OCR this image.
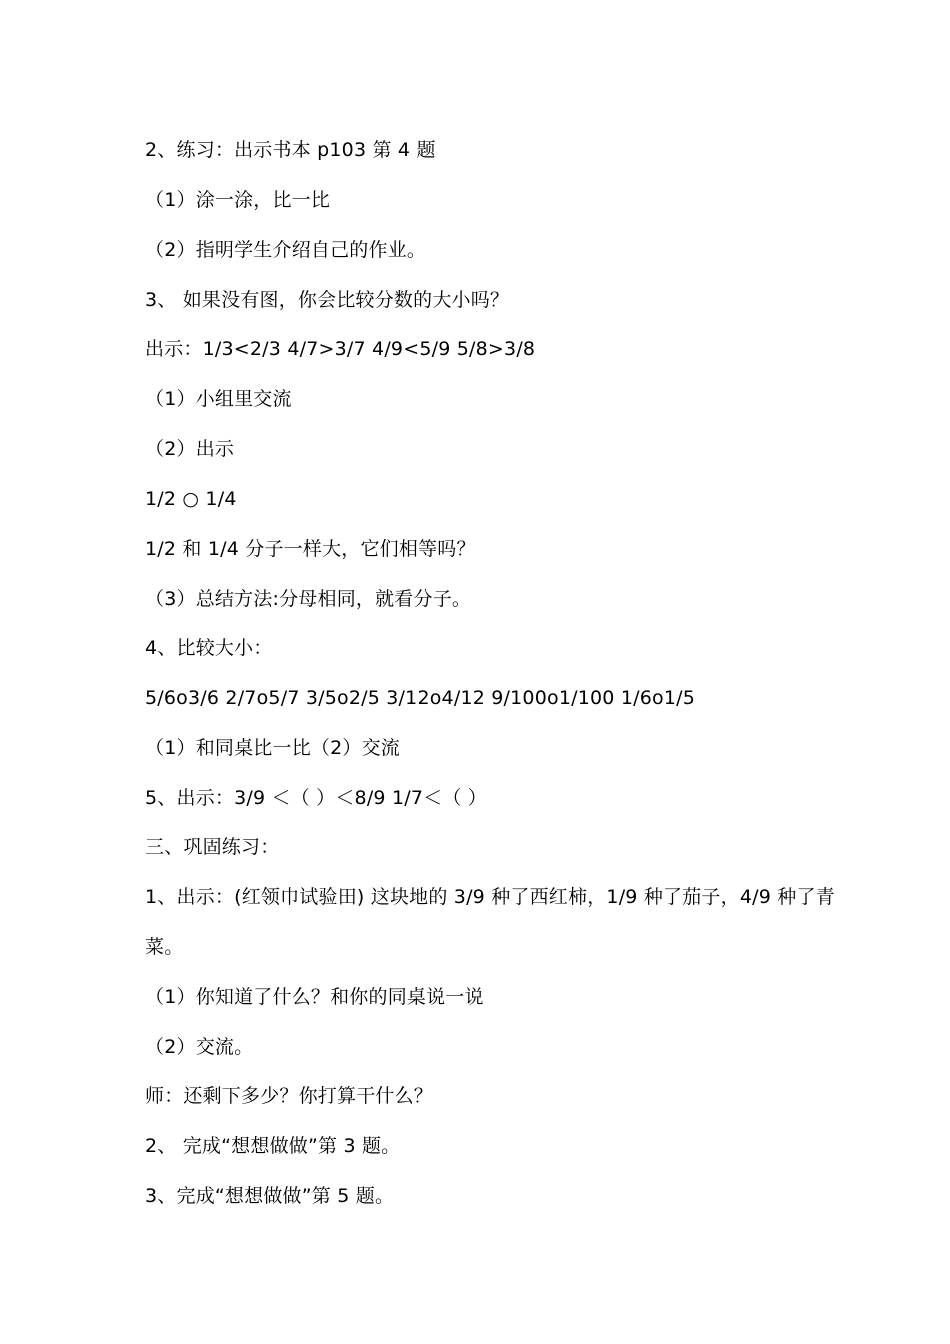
2、练习：出示书本 p103 第 4 题
（1）涂一涂，比一比
（2）指明学生介绍自己的作业。
3、 如果没有图，你会比较分数的大小吗？
出示：1/3<2/3 4/7>3/7 4/9<5/9 5/8>3/8
（1）小组里交流
（2）出示
1/2 ○ 1/4
1/2 和 1/4 分子一样大，它们相等吗？
（3）总结方法:分母相同，就看分子。
4、比较大小：
5/6o3/6 2/7o5/7 3/5o2/5 3/12o4/12 9/100o1/100 1/6o1/5
（1）和同桌比一比（2）交流
5、出示：3/9 ＜（ ）＜8/9 1/7＜（ ）
三、巩固练习：
1、出示：(红领巾试验田) 这块地的 3/9 种了西红柿，1/9 种了茄子，4/9 种了青
菜。
（1）你知道了什么？和你的同桌说一说
（2）交流。
师：还剩下多少？你打算干什么？
2、 完成“想想做做”第 3 题。
3、完成“想想做做”第 5 题。
